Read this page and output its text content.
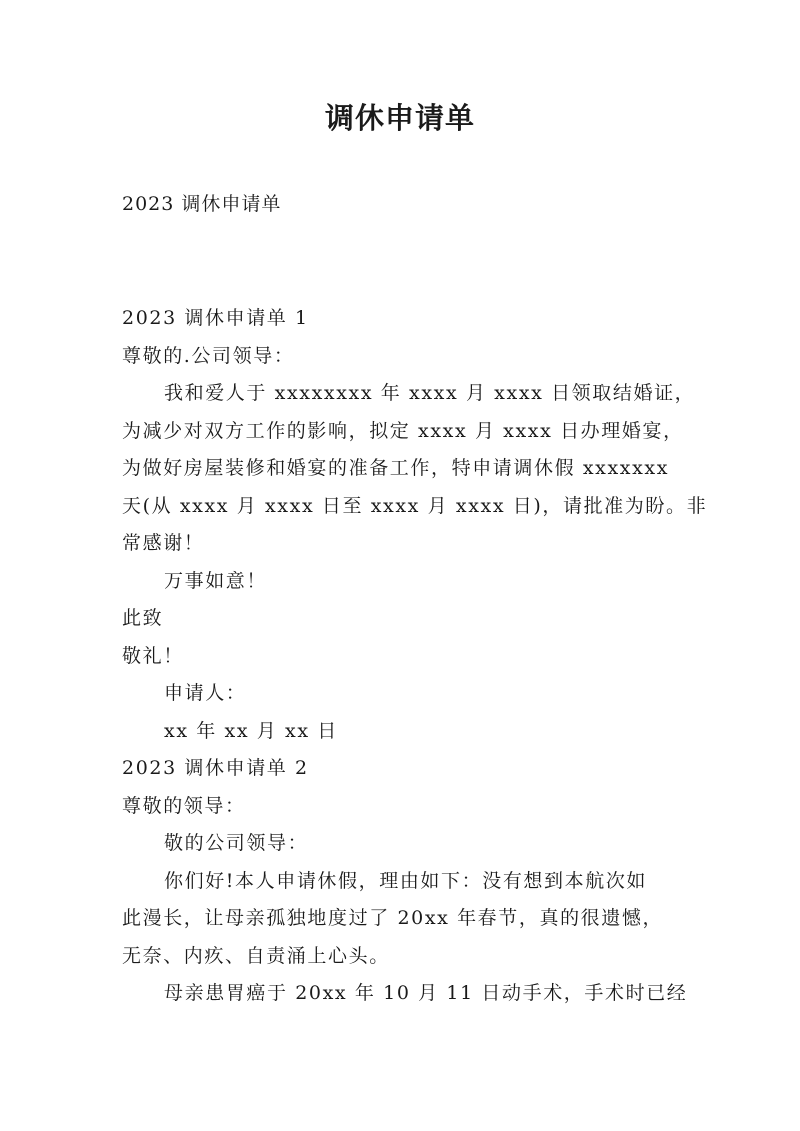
调休申请单
2023 调休申请单
2023 调休申请单 1
尊敬的.公司领导：
我和爱人于 xxxxxxxx 年 xxxx 月 xxxx 日领取结婚证，
为减少对双方工作的影响，拟定 xxxx 月 xxxx 日办理婚宴，
为做好房屋装修和婚宴的准备工作，特申请调休假 xxxxxxx
天(从 xxxx 月 xxxx 日至 xxxx 月 xxxx 日)，请批准为盼。非
常感谢！
万事如意！
此致
敬礼！
申请人：
xx 年 xx 月 xx 日
2023 调休申请单 2
尊敬的领导：
敬的公司领导：
你们好!本人申请休假，理由如下：没有想到本航次如
此漫长，让母亲孤独地度过了 20xx 年春节，真的很遗憾，
无奈、内疚、自责涌上心头。
母亲患胃癌于 20xx 年 10 月 11 日动手术，手术时已经
